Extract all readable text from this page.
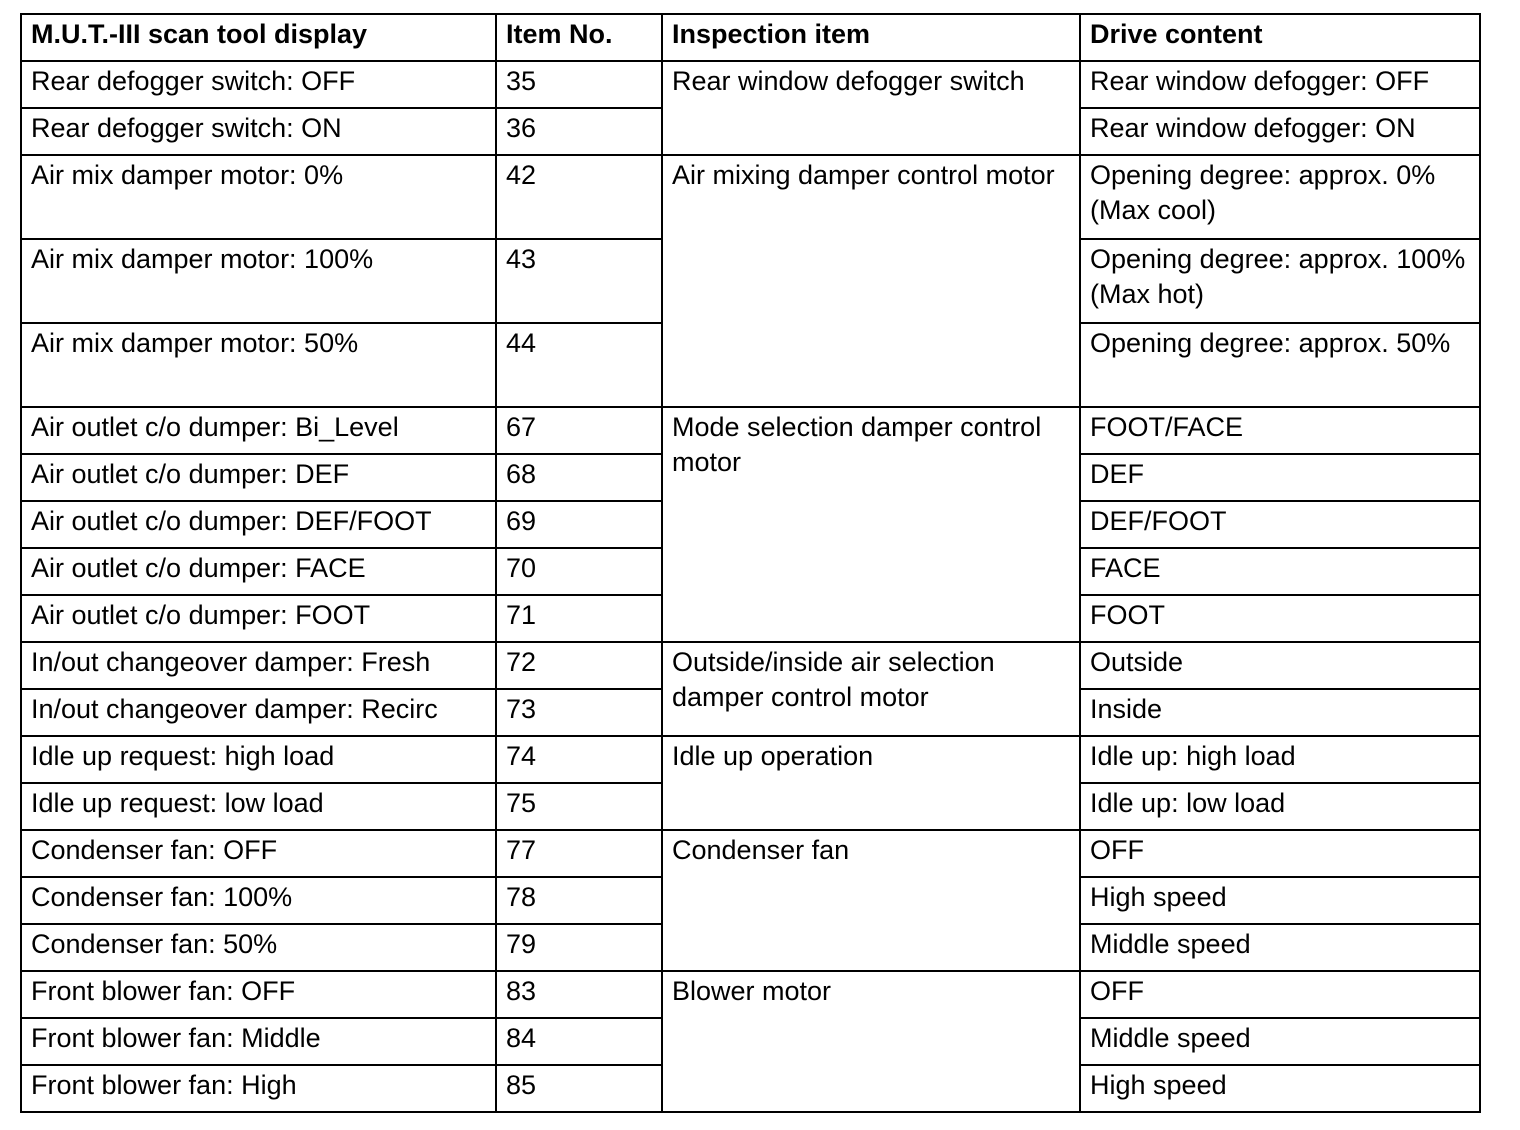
M.U.T.-III scan tool display	Item No.	Inspection item	Drive content
Rear defogger switch: OFF	35	Rear window defogger switch	Rear window defogger: OFF
Rear defogger switch: ON	36		Rear window defogger: ON
Air mix damper motor: 0%	42	Air mixing damper control motor	Opening degree: approx. 0% (Max cool)
Air mix damper motor: 100%	43		Opening degree: approx. 100% (Max hot)
Air mix damper motor: 50%	44		Opening degree: approx. 50%
Air outlet c/o dumper: Bi_Level	67	Mode selection damper control motor	FOOT/FACE
Air outlet c/o dumper: DEF	68		DEF
Air outlet c/o dumper: DEF/FOOT	69		DEF/FOOT
Air outlet c/o dumper: FACE	70		FACE
Air outlet c/o dumper: FOOT	71		FOOT
In/out changeover damper: Fresh	72	Outside/inside air selection damper control motor	Outside
In/out changeover damper: Recirc	73		Inside
Idle up request: high load	74	Idle up operation	Idle up: high load
Idle up request: low load	75		Idle up: low load
Condenser fan: OFF	77	Condenser fan	OFF
Condenser fan: 100%	78		High speed
Condenser fan: 50%	79		Middle speed
Front blower fan: OFF	83	Blower motor	OFF
Front blower fan: Middle	84		Middle speed
Front blower fan: High	85		High speed
